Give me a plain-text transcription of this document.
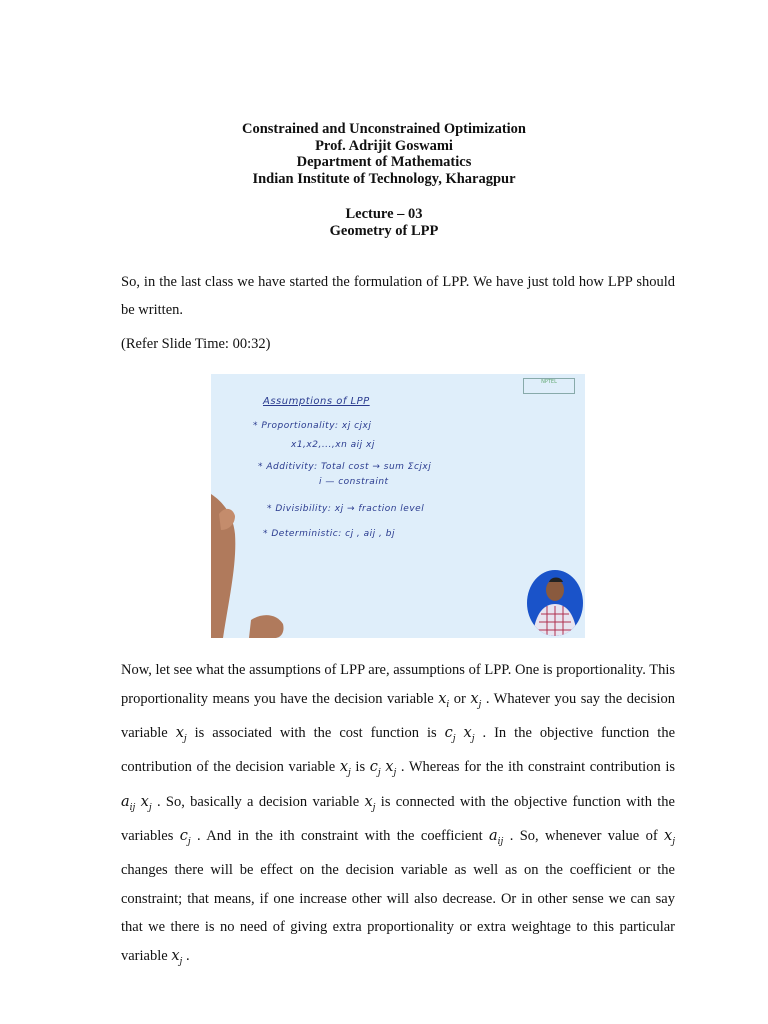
Constrained and Unconstrained Optimization
Prof. Adrijit Goswami
Department of Mathematics
Indian Institute of Technology, Kharagpur
Lecture – 03
Geometry of LPP
So, in the last class we have started the formulation of LPP. We have just told how LPP should be written.
(Refer Slide Time: 00:32)
Assumptions of LPP
* Proportionality: xj cjxj
x1,x2,...,xn aij xj
* Additivity: Total cost → sum Σcjxj
i — constraint
* Divisibility: xj → fraction level
* Deterministic: cj , aij , bj
NPTEL
Now, let see what the assumptions of LPP are, assumptions of LPP. One is proportionality. This proportionality means you have the decision variable $x_i$ or $x_j$ . Whatever you say the decision variable $x_j$ is associated with the cost function is $c_j$ $x_j$ . In the objective function the contribution of the decision variable $x_j$ is $c_j$ $x_j$ . Whereas for the ith constraint contribution is $a_{ij}$ $x_j$ . So, basically a decision variable $x_j$ is connected with the objective function with the variables $c_j$ . And in the ith constraint with the coefficient $a_{ij}$ . So, whenever value of $x_j$ changes there will be effect on the decision variable as well as on the coefficient or the constraint; that means, if one increase other will also decrease. Or in other sense we can say that we there is no need of giving extra proportionality or extra weightage to this particular variable $x_j$ .
